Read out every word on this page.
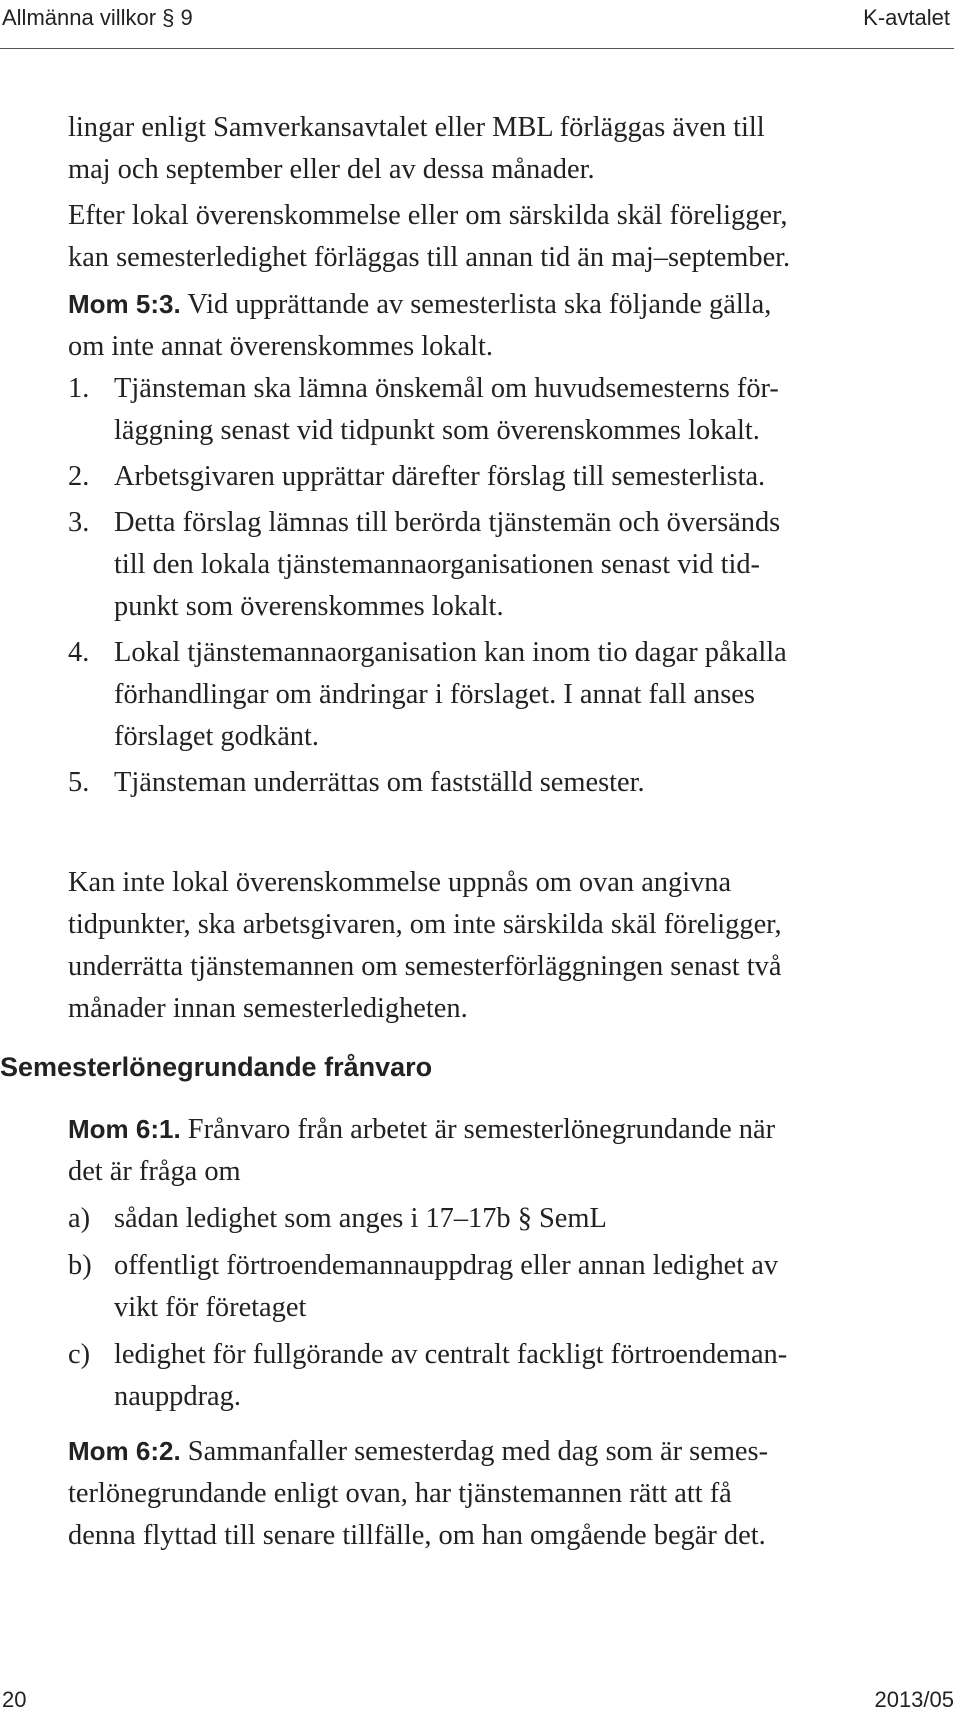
Allmänna villkor § 9	K-avtalet
lingar enligt Samverkansavtalet eller MBL förläggas även till
maj och september eller del av dessa månader.
Efter lokal överenskommelse eller om särskilda skäl föreligger,
kan semesterledighet förläggas till annan tid än maj–september.
Mom 5:3. Vid upprättande av semesterlista ska följande gälla,
om inte annat överenskommes lokalt.
1. Tjänsteman ska lämna önskemål om huvudsemesterns för-
läggning senast vid tidpunkt som överenskommes lokalt.
2. Arbetsgivaren upprättar därefter förslag till semesterlista.
3. Detta förslag lämnas till berörda tjänstemän och översänds
till den lokala tjänstemannaorganisationen senast vid tid-
punkt som överenskommes lokalt.
4. Lokal tjänstemannaorganisation kan inom tio dagar påkalla
förhandlingar om ändringar i förslaget. I annat fall anses
förslaget godkänt.
5. Tjänsteman underrättas om fastställd semester.
Kan inte lokal överenskommelse uppnås om ovan angivna
tidpunkter, ska arbetsgivaren, om inte särskilda skäl föreligger,
underrätta tjänstemannen om semesterförläggningen senast två
månader innan semesterledigheten.
Semesterlönegrundande frånvaro
Mom 6:1. Frånvaro från arbetet är semesterlönegrundande när
det är fråga om
a) sådan ledighet som anges i 17–17b § SemL
b) offentligt förtroendemannauppdrag eller annan ledighet av
vikt för företaget
c) ledighet för fullgörande av centralt fackligt förtroendeman-
nauppdrag.
Mom 6:2. Sammanfaller semesterdag med dag som är semes-
terlönegrundande enligt ovan, har tjänstemannen rätt att få
denna flyttad till senare tillfälle, om han omgående begär det.
20	2013/05
